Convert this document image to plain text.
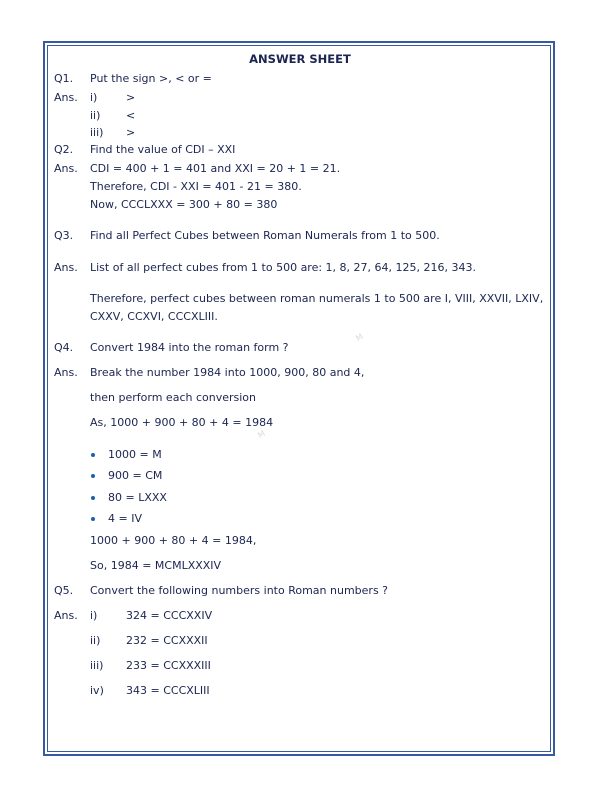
ANSWER SHEET
Q1. Put the sign >, < or =
Ans. i)	>
ii) <
iii) >
Q2. Find the value of CDI – XXI
Ans. CDI = 400 + 1 = 401 and XXI = 20 + 1 = 21.
Therefore, CDI - XXI = 401 - 21 = 380.
Now, CCCLXXX = 300 + 80 = 380
Q3. Find all Perfect Cubes between Roman Numerals from 1 to 500.
Ans. List of all perfect cubes from 1 to 500 are: 1, 8, 27, 64, 125, 216, 343.
Therefore, perfect cubes between roman numerals 1 to 500 are I, VIII, XXVII, LXIV,
CXXV, CCXVI, CCCXLIII.
M
M
Q4. Convert 1984 into the roman form ?
Ans. Break the number 1984 into 1000, 900, 80 and 4,
then perform each conversion
As, 1000 + 900 + 80 + 4 = 1984
1000 = M
900 = CM
80 = LXXX
4 = IV
1000 + 900 + 80 + 4 = 1984,
So, 1984 = MCMLXXXIV
Q5. Convert the following numbers into Roman numbers ?
Ans. i)	324 = CCCXXIV
ii) 232 = CCXXXII
iii) 233 = CCXXXIII
iv) 343 = CCCXLIII
